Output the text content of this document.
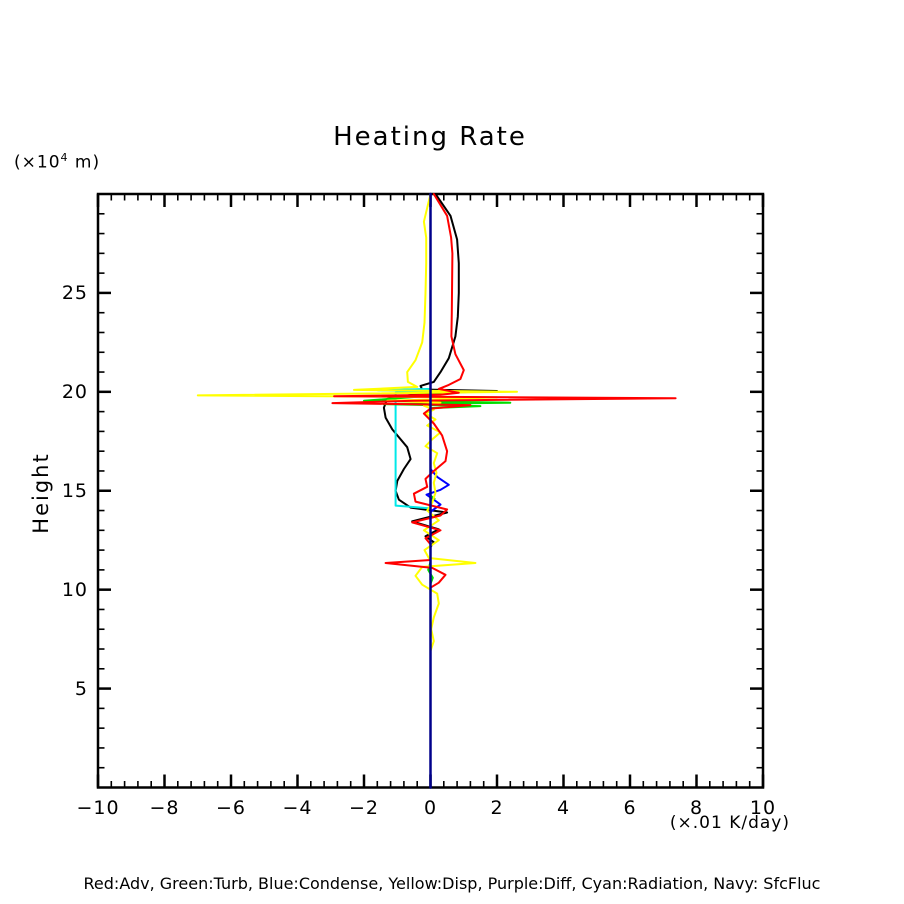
Heating Rate
($\times 10^4$ m)
Height
−10	−8	−6	−4	−2	0	2	4	6	8	10
5
10
15
20
25
(×.01 K/day)
Red:Adv, Green:Turb, Blue:Condense, Yellow:Disp, Purple:Diff, Cyan:Radiation, Navy: SfcFluc
